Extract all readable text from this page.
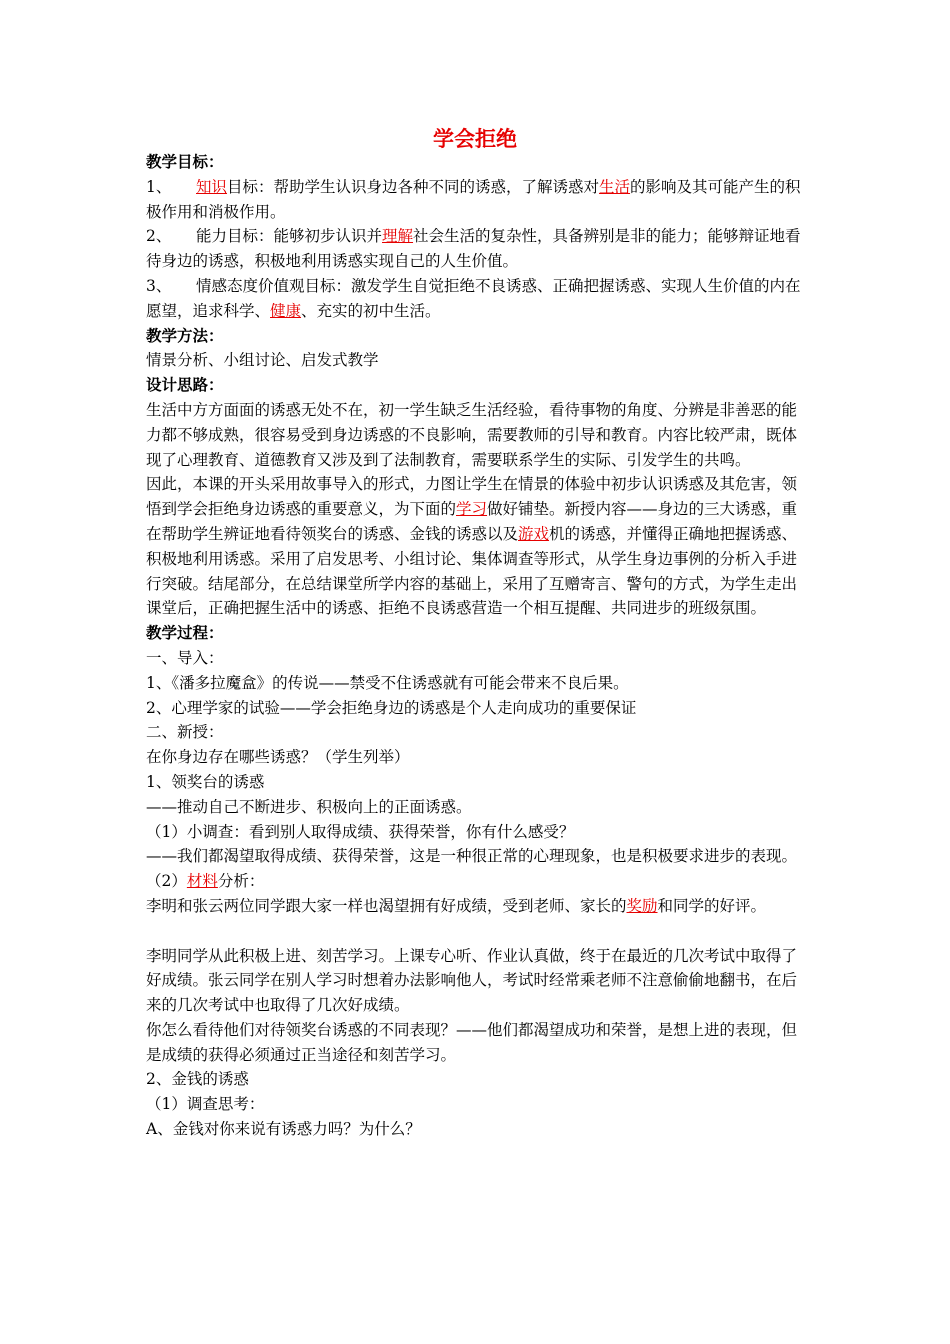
学会拒绝

教学目标：

1、 知识目标：帮助学生认识身边各种不同的诱惑，了解诱惑对生活的影响及其可能产生的积极作用和消极作用。

2、 能力目标：能够初步认识并理解社会生活的复杂性，具备辨别是非的能力；能够辩证地看待身边的诱惑，积极地利用诱惑实现自己的人生价值。

3、 情感态度价值观目标：激发学生自觉拒绝不良诱惑、正确把握诱惑、实现人生价值的内在愿望，追求科学、健康、充实的初中生活。

教学方法：

情景分析、小组讨论、启发式教学

设计思路：

生活中方方面面的诱惑无处不在，初一学生缺乏生活经验，看待事物的角度、分辨是非善恶的能力都不够成熟，很容易受到身边诱惑的不良影响，需要教师的引导和教育。内容比较严肃，既体现了心理教育、道德教育又涉及到了法制教育，需要联系学生的实际、引发学生的共鸣。

因此，本课的开头采用故事导入的形式，力图让学生在情景的体验中初步认识诱惑及其危害，领悟到学会拒绝身边诱惑的重要意义，为下面的学习做好铺垫。新授内容——身边的三大诱惑，重在帮助学生辨证地看待领奖台的诱惑、金钱的诱惑以及游戏机的诱惑，并懂得正确地把握诱惑、积极地利用诱惑。采用了启发思考、小组讨论、集体调查等形式，从学生身边事例的分析入手进行突破。结尾部分，在总结课堂所学内容的基础上，采用了互赠寄言、警句的方式，为学生走出课堂后，正确把握生活中的诱惑、拒绝不良诱惑营造一个相互提醒、共同进步的班级氛围。

教学过程：

一、导入：

1、《潘多拉魔盒》的传说——禁受不住诱惑就有可能会带来不良后果。

2、心理学家的试验——学会拒绝身边的诱惑是个人走向成功的重要保证

二、新授：

在你身边存在哪些诱惑？（学生列举）

1、领奖台的诱惑

——推动自己不断进步、积极向上的正面诱惑。

（1）小调查：看到别人取得成绩、获得荣誉，你有什么感受？

——我们都渴望取得成绩、获得荣誉，这是一种很正常的心理现象，也是积极要求进步的表现。

（2）材料分析：

李明和张云两位同学跟大家一样也渴望拥有好成绩，受到老师、家长的奖励和同学的好评。

李明同学从此积极上进、刻苦学习。上课专心听、作业认真做，终于在最近的几次考试中取得了好成绩。张云同学在别人学习时想着办法影响他人，考试时经常乘老师不注意偷偷地翻书，在后来的几次考试中也取得了几次好成绩。

你怎么看待他们对待领奖台诱惑的不同表现？——他们都渴望成功和荣誉，是想上进的表现，但是成绩的获得必须通过正当途径和刻苦学习。

2、金钱的诱惑

（1）调查思考：

A、金钱对你来说有诱惑力吗？为什么？
